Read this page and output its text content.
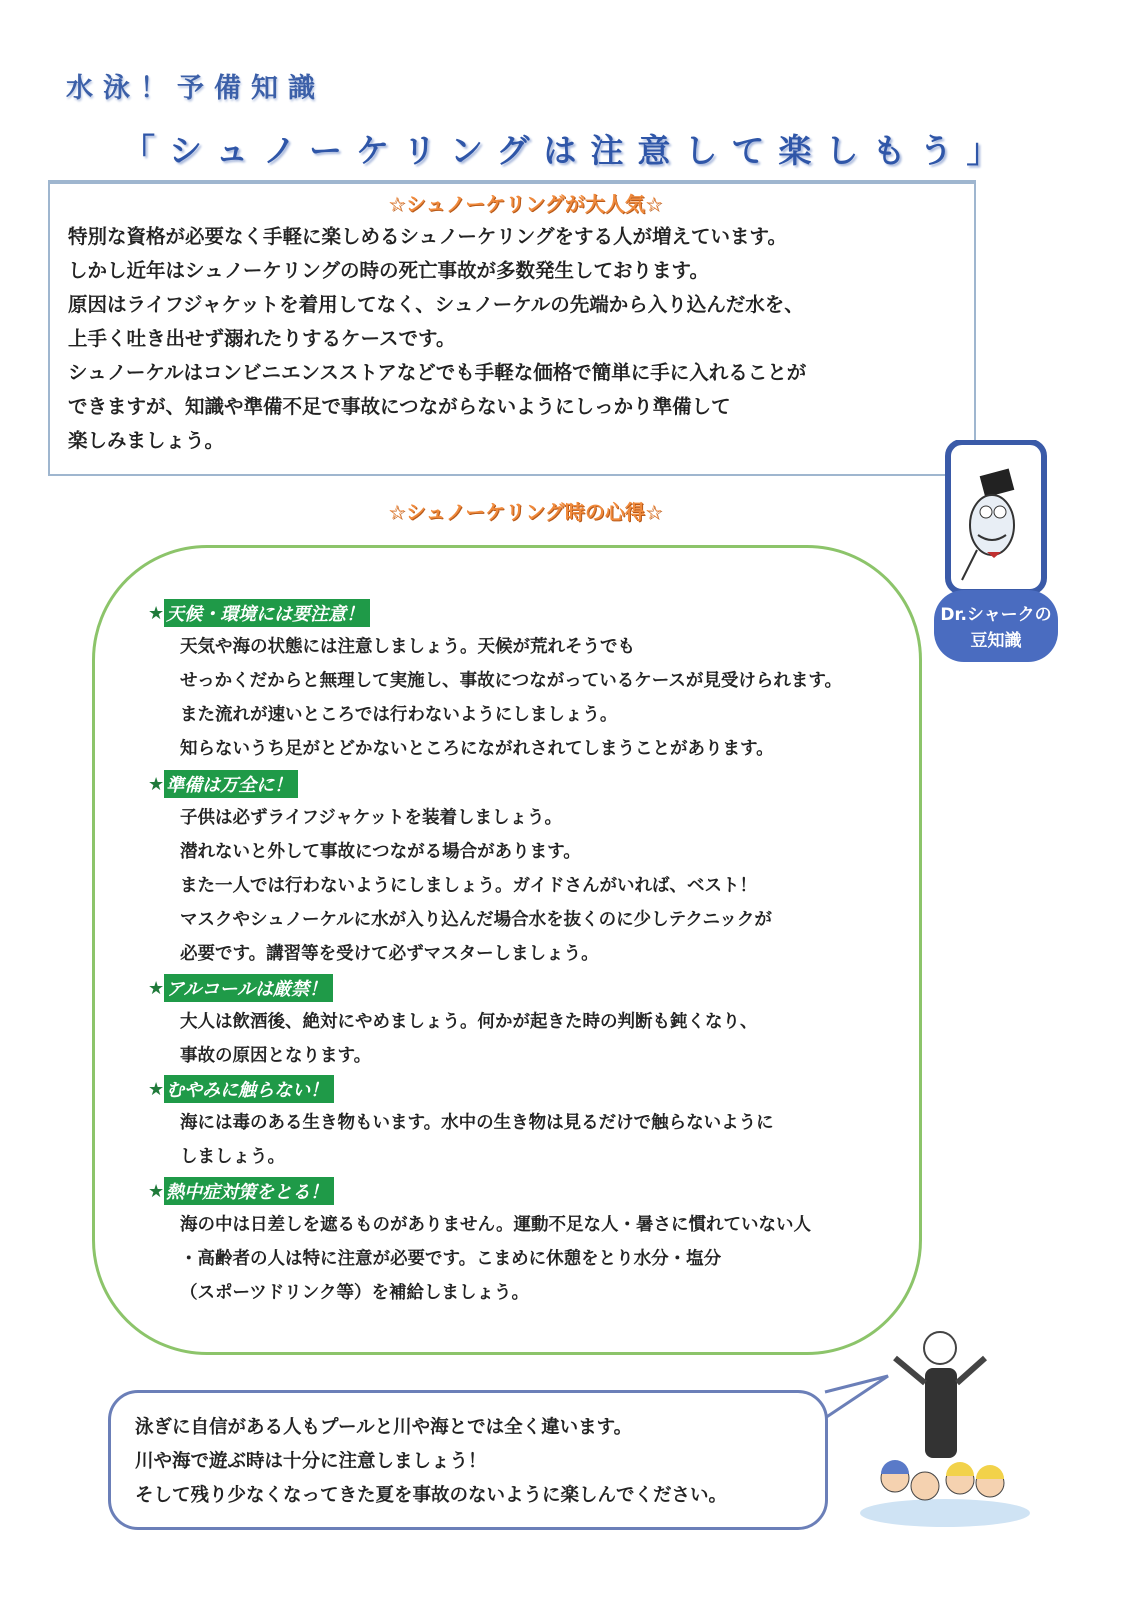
水泳！予備知識
「シュノーケリングは注意して楽しもう」
☆シュノーケリングが大人気☆
特別な資格が必要なく手軽に楽しめるシュノーケリングをする人が増えています。
しかし近年はシュノーケリングの時の死亡事故が多数発生しております。
原因はライフジャケットを着用してなく、シュノーケルの先端から入り込んだ水を、
上手く吐き出せず溺れたりするケースです。
シュノーケルはコンビニエンスストアなどでも手軽な価格で簡単に手に入れることが
できますが、知識や準備不足で事故につながらないようにしっかり準備して
楽しみましょう。
☆シュノーケリング時の心得☆
★ 天候・環境には要注意！
天気や海の状態には注意しましょう。天候が荒れそうでも
せっかくだからと無理して実施し、事故につながっているケースが見受けられます。
また流れが速いところでは行わないようにしましょう。
知らないうち足がとどかないところにながれされてしまうことがあります。
★ 準備は万全に！
子供は必ずライフジャケットを装着しましょう。
潜れないと外して事故につながる場合があります。
また一人では行わないようにしましょう。ガイドさんがいれば、ベスト！
マスクやシュノーケルに水が入り込んだ場合水を抜くのに少しテクニックが
必要です。講習等を受けて必ずマスターしましょう。
★ アルコールは厳禁！
大人は飲酒後、絶対にやめましょう。何かが起きた時の判断も鈍くなり、
事故の原因となります。
★ むやみに触らない！
海には毒のある生き物もいます。水中の生き物は見るだけで触らないように
しましょう。
★ 熱中症対策をとる！
海の中は日差しを遮るものがありません。運動不足な人・暑さに慣れていない人
・高齢者の人は特に注意が必要です。こまめに休憩をとり水分・塩分
（スポーツドリンク等）を補給しましょう。
Dr.シャークの
豆知識
泳ぎに自信がある人もプールと川や海とでは全く違います。
川や海で遊ぶ時は十分に注意しましょう！
そして残り少なくなってきた夏を事故のないように楽しんでください。
